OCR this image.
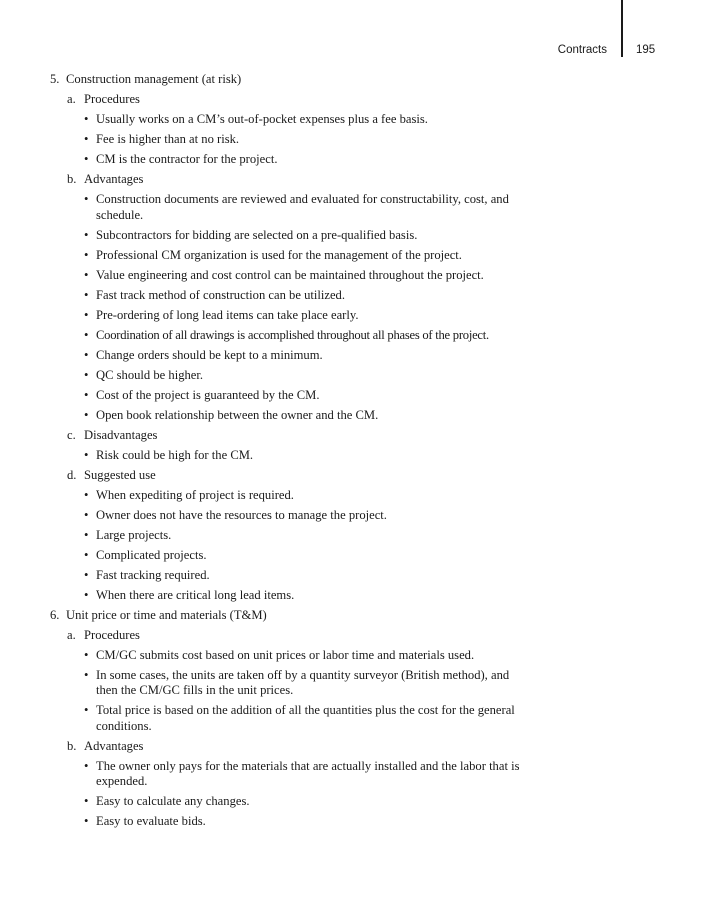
Contracts	195
5. Construction management (at risk)
a. Procedures
• Usually works on a CM’s out-of-pocket expenses plus a fee basis.
• Fee is higher than at no risk.
• CM is the contractor for the project.
b. Advantages
• Construction documents are reviewed and evaluated for constructability, cost, and schedule.
• Subcontractors for bidding are selected on a pre-qualified basis.
• Professional CM organization is used for the management of the project.
• Value engineering and cost control can be maintained throughout the project.
• Fast track method of construction can be utilized.
• Pre-ordering of long lead items can take place early.
• Coordination of all drawings is accomplished throughout all phases of the project.
• Change orders should be kept to a minimum.
• QC should be higher.
• Cost of the project is guaranteed by the CM.
• Open book relationship between the owner and the CM.
c. Disadvantages
• Risk could be high for the CM.
d. Suggested use
• When expediting of project is required.
• Owner does not have the resources to manage the project.
• Large projects.
• Complicated projects.
• Fast tracking required.
• When there are critical long lead items.
6. Unit price or time and materials (T&M)
a. Procedures
• CM/GC submits cost based on unit prices or labor time and materials used.
• In some cases, the units are taken off by a quantity surveyor (British method), and then the CM/GC fills in the unit prices.
• Total price is based on the addition of all the quantities plus the cost for the general conditions.
b. Advantages
• The owner only pays for the materials that are actually installed and the labor that is expended.
• Easy to calculate any changes.
• Easy to evaluate bids.
